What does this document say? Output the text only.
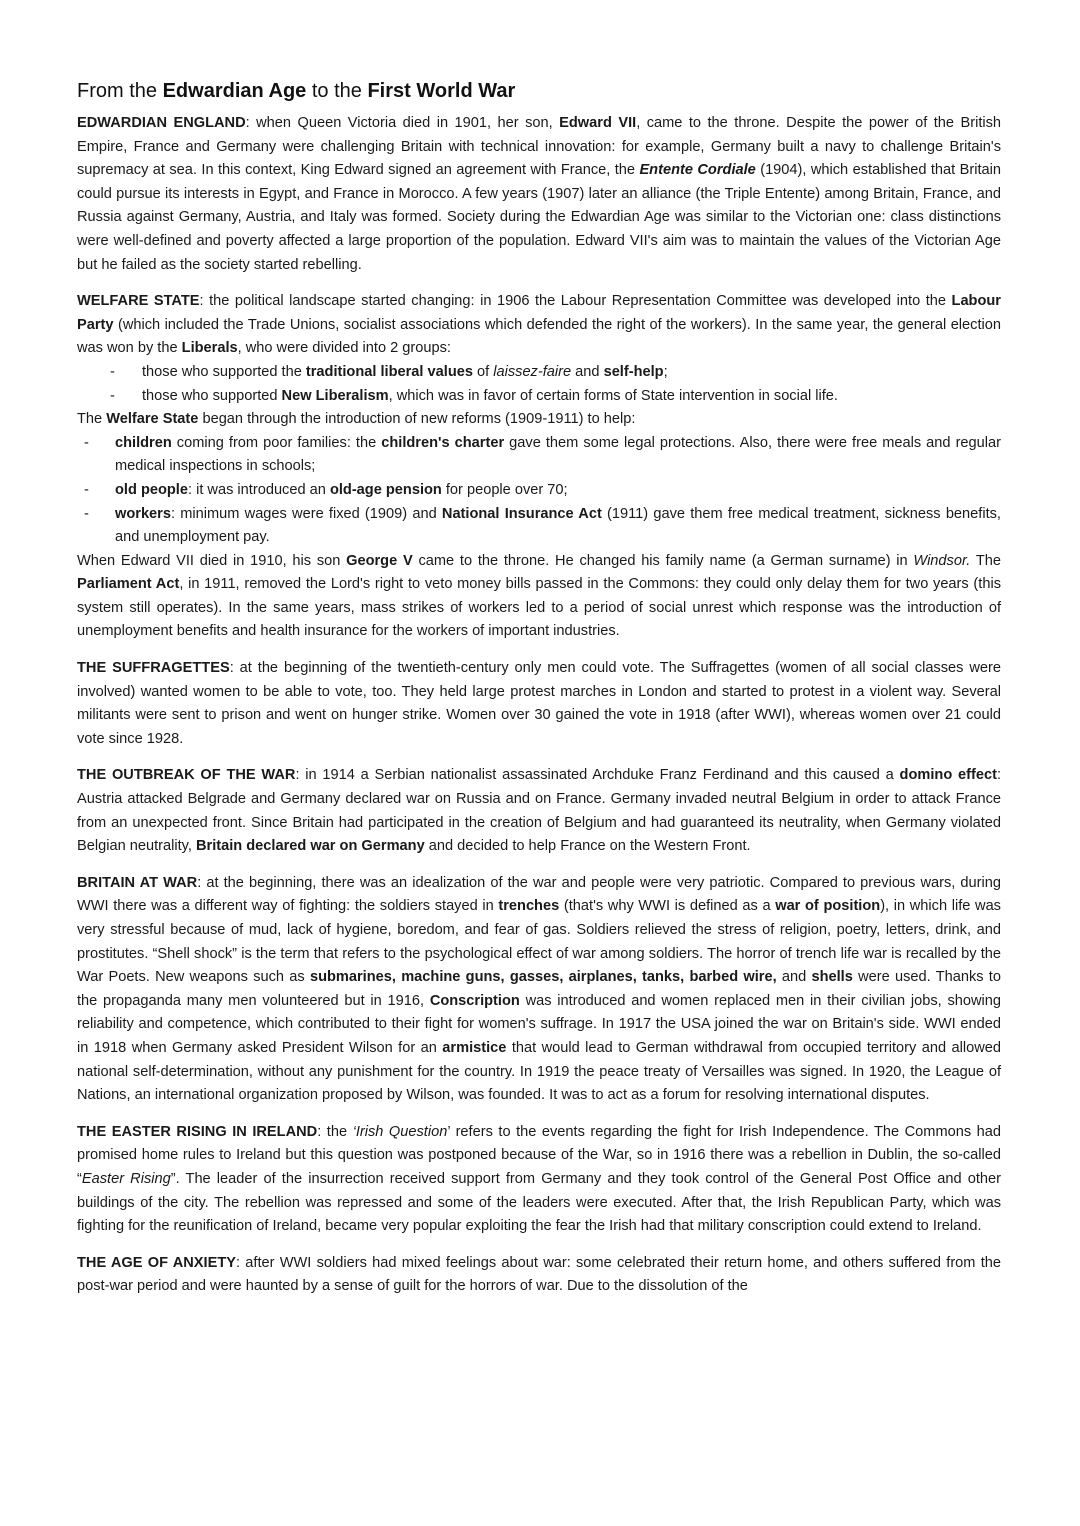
From the Edwardian Age to the First World War

EDWARDIAN ENGLAND: when Queen Victoria died in 1901, her son, Edward VII, came to the throne. Despite the power of the British Empire, France and Germany were challenging Britain with technical innovation: for example, Germany built a navy to challenge Britain's supremacy at sea. In this context, King Edward signed an agreement with France, the Entente Cordiale (1904), which established that Britain could pursue its interests in Egypt, and France in Morocco. A few years (1907) later an alliance (the Triple Entente) among Britain, France, and Russia against Germany, Austria, and Italy was formed. Society during the Edwardian Age was similar to the Victorian one: class distinctions were well-defined and poverty affected a large proportion of the population. Edward VII's aim was to maintain the values of the Victorian Age but he failed as the society started rebelling.

WELFARE STATE: the political landscape started changing: in 1906 the Labour Representation Committee was developed into the Labour Party (which included the Trade Unions, socialist associations which defended the right of the workers). In the same year, the general election was won by the Liberals, who were divided into 2 groups:

- those who supported the traditional liberal values of laissez-faire and self-help;
- those who supported New Liberalism, which was in favor of certain forms of State intervention in social life.

The Welfare State began through the introduction of new reforms (1909-1911) to help:

- children coming from poor families: the children's charter gave them some legal protections. Also, there were free meals and regular medical inspections in schools;
- old people: it was introduced an old-age pension for people over 70;
- workers: minimum wages were fixed (1909) and National Insurance Act (1911) gave them free medical treatment, sickness benefits, and unemployment pay.

When Edward VII died in 1910, his son George V came to the throne. He changed his family name (a German surname) in Windsor. The Parliament Act, in 1911, removed the Lord's right to veto money bills passed in the Commons: they could only delay them for two years (this system still operates). In the same years, mass strikes of workers led to a period of social unrest which response was the introduction of unemployment benefits and health insurance for the workers of important industries.

THE SUFFRAGETTES: at the beginning of the twentieth-century only men could vote. The Suffragettes (women of all social classes were involved) wanted women to be able to vote, too. They held large protest marches in London and started to protest in a violent way. Several militants were sent to prison and went on hunger strike. Women over 30 gained the vote in 1918 (after WWI), whereas women over 21 could vote since 1928.

THE OUTBREAK OF THE WAR: in 1914 a Serbian nationalist assassinated Archduke Franz Ferdinand and this caused a domino effect: Austria attacked Belgrade and Germany declared war on Russia and on France. Germany invaded neutral Belgium in order to attack France from an unexpected front. Since Britain had participated in the creation of Belgium and had guaranteed its neutrality, when Germany violated Belgian neutrality, Britain declared war on Germany and decided to help France on the Western Front.

BRITAIN AT WAR: at the beginning, there was an idealization of the war and people were very patriotic. Compared to previous wars, during WWI there was a different way of fighting: the soldiers stayed in trenches (that's why WWI is defined as a war of position), in which life was very stressful because of mud, lack of hygiene, boredom, and fear of gas. Soldiers relieved the stress of religion, poetry, letters, drink, and prostitutes. “Shell shock” is the term that refers to the psychological effect of war among soldiers. The horror of trench life war is recalled by the War Poets. New weapons such as submarines, machine guns, gasses, airplanes, tanks, barbed wire, and shells were used. Thanks to the propaganda many men volunteered but in 1916, Conscription was introduced and women replaced men in their civilian jobs, showing reliability and competence, which contributed to their fight for women's suffrage. In 1917 the USA joined the war on Britain's side. WWI ended in 1918 when Germany asked President Wilson for an armistice that would lead to German withdrawal from occupied territory and allowed national self-determination, without any punishment for the country. In 1919 the peace treaty of Versailles was signed. In 1920, the League of Nations, an international organization proposed by Wilson, was founded. It was to act as a forum for resolving international disputes.

THE EASTER RISING IN IRELAND: the ‘Irish Question’ refers to the events regarding the fight for Irish Independence. The Commons had promised home rules to Ireland but this question was postponed because of the War, so in 1916 there was a rebellion in Dublin, the so-called “Easter Rising”. The leader of the insurrection received support from Germany and they took control of the General Post Office and other buildings of the city. The rebellion was repressed and some of the leaders were executed. After that, the Irish Republican Party, which was fighting for the reunification of Ireland, became very popular exploiting the fear the Irish had that military conscription could extend to Ireland.

THE AGE OF ANXIETY: after WWI soldiers had mixed feelings about war: some celebrated their return home, and others suffered from the post-war period and were haunted by a sense of guilt for the horrors of war. Due to the dissolution of the
